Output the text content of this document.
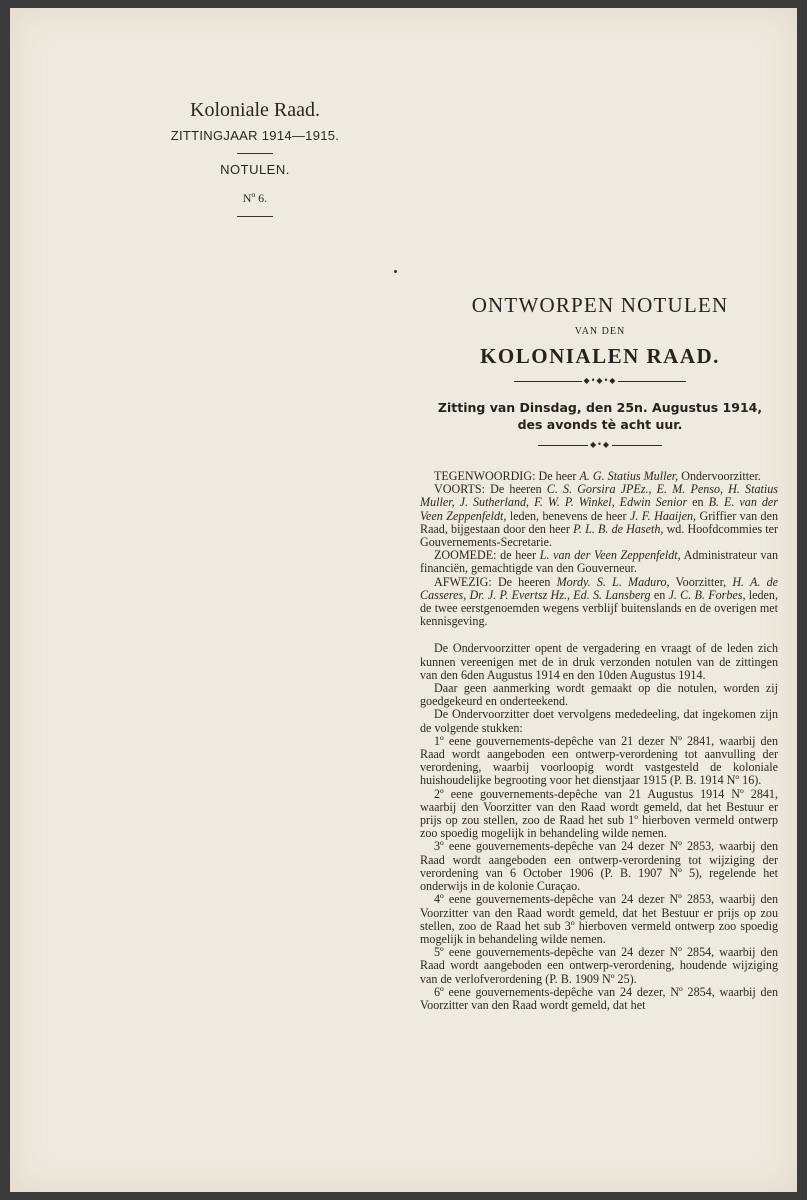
Koloniale Raad.
ZITTINGJAAR 1914—1915.
NOTULEN.
Nº 6.
ONTWORPEN NOTULEN
VAN DEN
KOLONIALEN RAAD.
◆•◆•◆
Zitting van Dinsdag, den 25n. Augustus 1914,
des avonds tè acht uur.
◆•◆

TEGENWOORDIG: De heer A. G. Statius Muller, Ondervoorzitter.

VOORTS: De heeren C. S. Gorsira JPEz., E. M. Penso, H. Statius Muller, J. Sutherland, F. W. P. Winkel, Edwin Senior en B. E. van der Veen Zeppenfeldt, leden, benevens de heer J. F. Haaijen, Griffier van den Raad, bijgestaan door den heer P. L. B. de Haseth, wd. Hoofdcommies ter Gouvernements-Secretarie.

ZOOMEDE: de heer L. van der Veen Zeppenfeldt, Administrateur van financiën, gemachtigde van den Gouverneur.

AFWEZIG: De heeren Mordy. S. L. Maduro, Voorzitter, H. A. de Casseres, Dr. J. P. Evertsz Hz., Ed. S. Lansberg en J. C. B. Forbes, leden, de twee eerstgenoemden wegens verblijf buitenslands en de overigen met kennisgeving.

De Ondervoorzitter opent de vergadering en vraagt of de leden zich kunnen vereenigen met de in druk verzonden notulen van de zittingen van den 6den Augustus 1914 en den 10den Augustus 1914.

Daar geen aanmerking wordt gemaakt op die notulen, worden zij goedgekeurd en onderteekend.

De Ondervoorzitter doet vervolgens mededeeling, dat ingekomen zijn de volgende stukken:

1º eene gouvernements-depêche van 21 dezer Nº 2841, waarbij den Raad wordt aangeboden een ontwerp-verordening tot aanvulling der verordening, waarbij voorloopig wordt vastgesteld de koloniale huishoudelijke begrooting voor het dienstjaar 1915 (P. B. 1914 Nº 16).

2º eene gouvernements-depêche van 21 Augustus 1914 Nº 2841, waarbij den Voorzitter van den Raad wordt gemeld, dat het Bestuur er prijs op zou stellen, zoo de Raad het sub 1º hierboven vermeld ontwerp zoo spoedig mogelijk in behandeling wilde nemen.

3º eene gouvernements-depêche van 24 dezer Nº 2853, waarbij den Raad wordt aangeboden een ontwerp-verordening tot wijziging der verordening van 6 October 1906 (P. B. 1907 Nº 5), regelende het onderwijs in de kolonie Curaçao.

4º eene gouvernements-depêche van 24 dezer Nº 2853, waarbij den Voorzitter van den Raad wordt gemeld, dat het Bestuur er prijs op zou stellen, zoo de Raad het sub 3º hierboven vermeld ontwerp zoo spoedig mogelijk in behandeling wilde nemen.

5º eene gouvernements-depêche van 24 dezer Nº 2854, waarbij den Raad wordt aangeboden een ontwerp-verordening, houdende wijziging van de verlofverordening (P. B. 1909 Nº 25).

6º eene gouvernements-depêche van 24 dezer, Nº 2854, waarbij den Voorzitter van den Raad wordt gemeld, dat het
